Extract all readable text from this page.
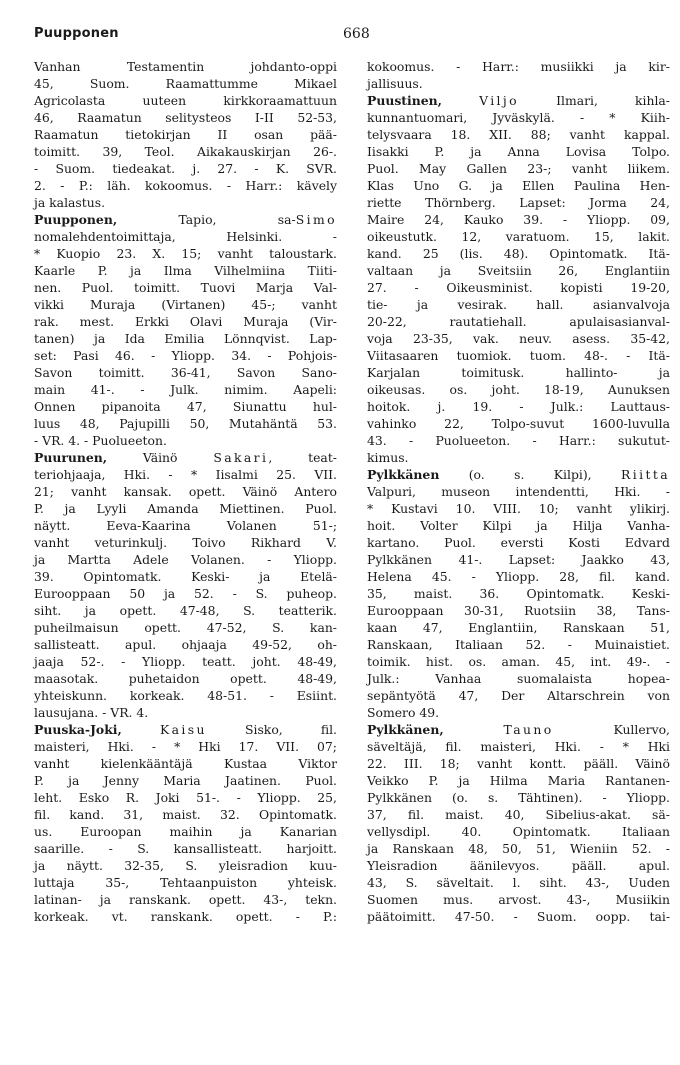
Puupponen	668
Vanhan Testamentin johdanto-oppi
45, Suom. Raamattumme Mikael
Agricolasta uuteen kirkkoraamattuun
46, Raamatun selitysteos I-II 52-53,
Raamatun tietokirjan II osan pää-
toimitt. 39, Teol. Aikakauskirjan 26-.
- Suom. tiedeakat. j. 27. - K. SVR.
2. - P.: läh. kokoomus. - Harr.: kävely
ja kalastus.
Puupponen, Tapio, sa-Simo
nomalehdentoimittaja, Helsinki. -
* Kuopio 23. X. 15; vanht taloustark.
Kaarle P. ja Ilma Vilhelmiina Tiiti-
nen. Puol. toimitt. Tuovi Marja Val-
vikki Muraja (Virtanen) 45-; vanht
rak. mest. Erkki Olavi Muraja (Vir-
tanen) ja Ida Emilia Lönnqvist. Lap-
set: Pasi 46. - Yliopp. 34. - Pohjois-
Savon toimitt. 36-41, Savon Sano-
main 41-. - Julk. nimim. Aapeli:
Onnen pipanoita 47, Siunattu hul-
luus 48, Pajupilli 50, Mutahäntä 53.
- VR. 4. - Puolueeton.
Puurunen, Väinö Sakari, teat-
teriohjaaja, Hki. - * Iisalmi 25. VII.
21; vanht kansak. opett. Väinö Antero
P. ja Lyyli Amanda Miettinen. Puol.
näytt. Eeva-Kaarina Volanen 51-;
vanht veturinkulj. Toivo Rikhard V.
ja Martta Adele Volanen. - Yliopp.
39. Opintomatk. Keski- ja Etelä-
Eurooppaan 50 ja 52. - S. puheop.
siht. ja opett. 47-48, S. teatterik.
puheilmaisun opett. 47-52, S. kan-
sallisteatt. apul. ohjaaja 49-52, oh-
jaaja 52-. - Yliopp. teatt. joht. 48-49,
maasotak. puhetaidon opett. 48-49,
yhteiskunn. korkeak. 48-51. - Esiint.
lausujana. - VR. 4.
Puuska-Joki,	Kaisu Sisko, fil.
maisteri, Hki. - * Hki 17. VII. 07;
vanht kielenkääntäjä Kustaa Viktor
P. ja Jenny Maria Jaatinen. Puol.
leht. Esko R. Joki 51-. - Yliopp. 25,
fil. kand. 31, maist. 32. Opintomatk.
us. Euroopan maihin ja Kanarian
saarille. - S. kansallisteatt. harjoitt.
ja näytt. 32-35, S. yleisradion kuu-
luttaja 35-, Tehtaanpuiston yhteisk.
latinan- ja ranskank. opett. 43-, tekn.
korkeak. vt. ranskank. opett. - P.:
kokoomus. - Harr.: musiikki ja kir-
jallisuus.
Puustinen,	Viljo Ilmari, kihla-
kunnantuomari, Jyväskylä. - * Kiih-
telysvaara 18. XII. 88; vanht kappal.
Iisakki P. ja Anna Lovisa Tolpo.
Puol. May Gallen 23-; vanht liikem.
Klas Uno G. ja Ellen Paulina Hen-
riette Thörnberg. Lapset: Jorma 24,
Maire 24, Kauko 39. - Yliopp. 09,
oikeustutk. 12, varatuom. 15, lakit.
kand. 25 (lis. 48). Opintomatk. Itä-
valtaan ja Sveitsiin 26, Englantiin
27. - Oikeusminist. kopisti 19-20,
tie- ja vesirak. hall. asianvalvoja
20-22, rautatiehall. apulaisasianval-
voja 23-35, vak. neuv. asess. 35-42,
Viitasaaren tuomiok. tuom. 48-. - Itä-
Karjalan toimitusk. hallinto- ja
oikeusas. os. joht. 18-19, Aunuksen
hoitok. j. 19. - Julk.: Lauttaus-
vahinko 22, Tolpo-suvut 1600-luvulla
43. - Puolueeton. - Harr.: sukutut-
kimus.
Pylkkänen (o. s. Kilpi), Riitta
Valpuri, museon intendentti, Hki. -
* Kustavi 10. VIII. 10; vanht ylikirj.
hoit. Volter Kilpi ja Hilja Vanha-
kartano. Puol. eversti Kosti Edvard
Pylkkänen 41-. Lapset: Jaakko 43,
Helena 45. - Yliopp. 28, fil. kand.
35, maist. 36. Opintomatk. Keski-
Eurooppaan 30-31, Ruotsiin 38, Tans-
kaan 47, Englantiin, Ranskaan 51,
Ranskaan, Italiaan 52. - Muinaistiet.
toimik. hist. os. aman. 45, int. 49-. -
Julk.: Vanhaa suomalaista hopea-
sepäntyötä 47, Der Altarschrein von
Somero 49.
Pylkkänen,	Tauno Kullervo,
säveltäjä, fil. maisteri, Hki. - * Hki
22. III. 18; vanht kontt. pääll. Väinö
Veikko P. ja Hilma Maria Rantanen-
Pylkkänen (o. s. Tähtinen). - Yliopp.
37, fil. maist. 40, Sibelius-akat. sä-
vellysdipl. 40. Opintomatk. Italiaan
ja Ranskaan 48, 50, 51, Wieniin 52. -
Yleisradion äänilevyos. pääll. apul.
43, S. säveltait. l. siht. 43-, Uuden
Suomen mus. arvost. 43-, Musiikin
päätoimitt. 47-50. - Suom. oopp. tai-
